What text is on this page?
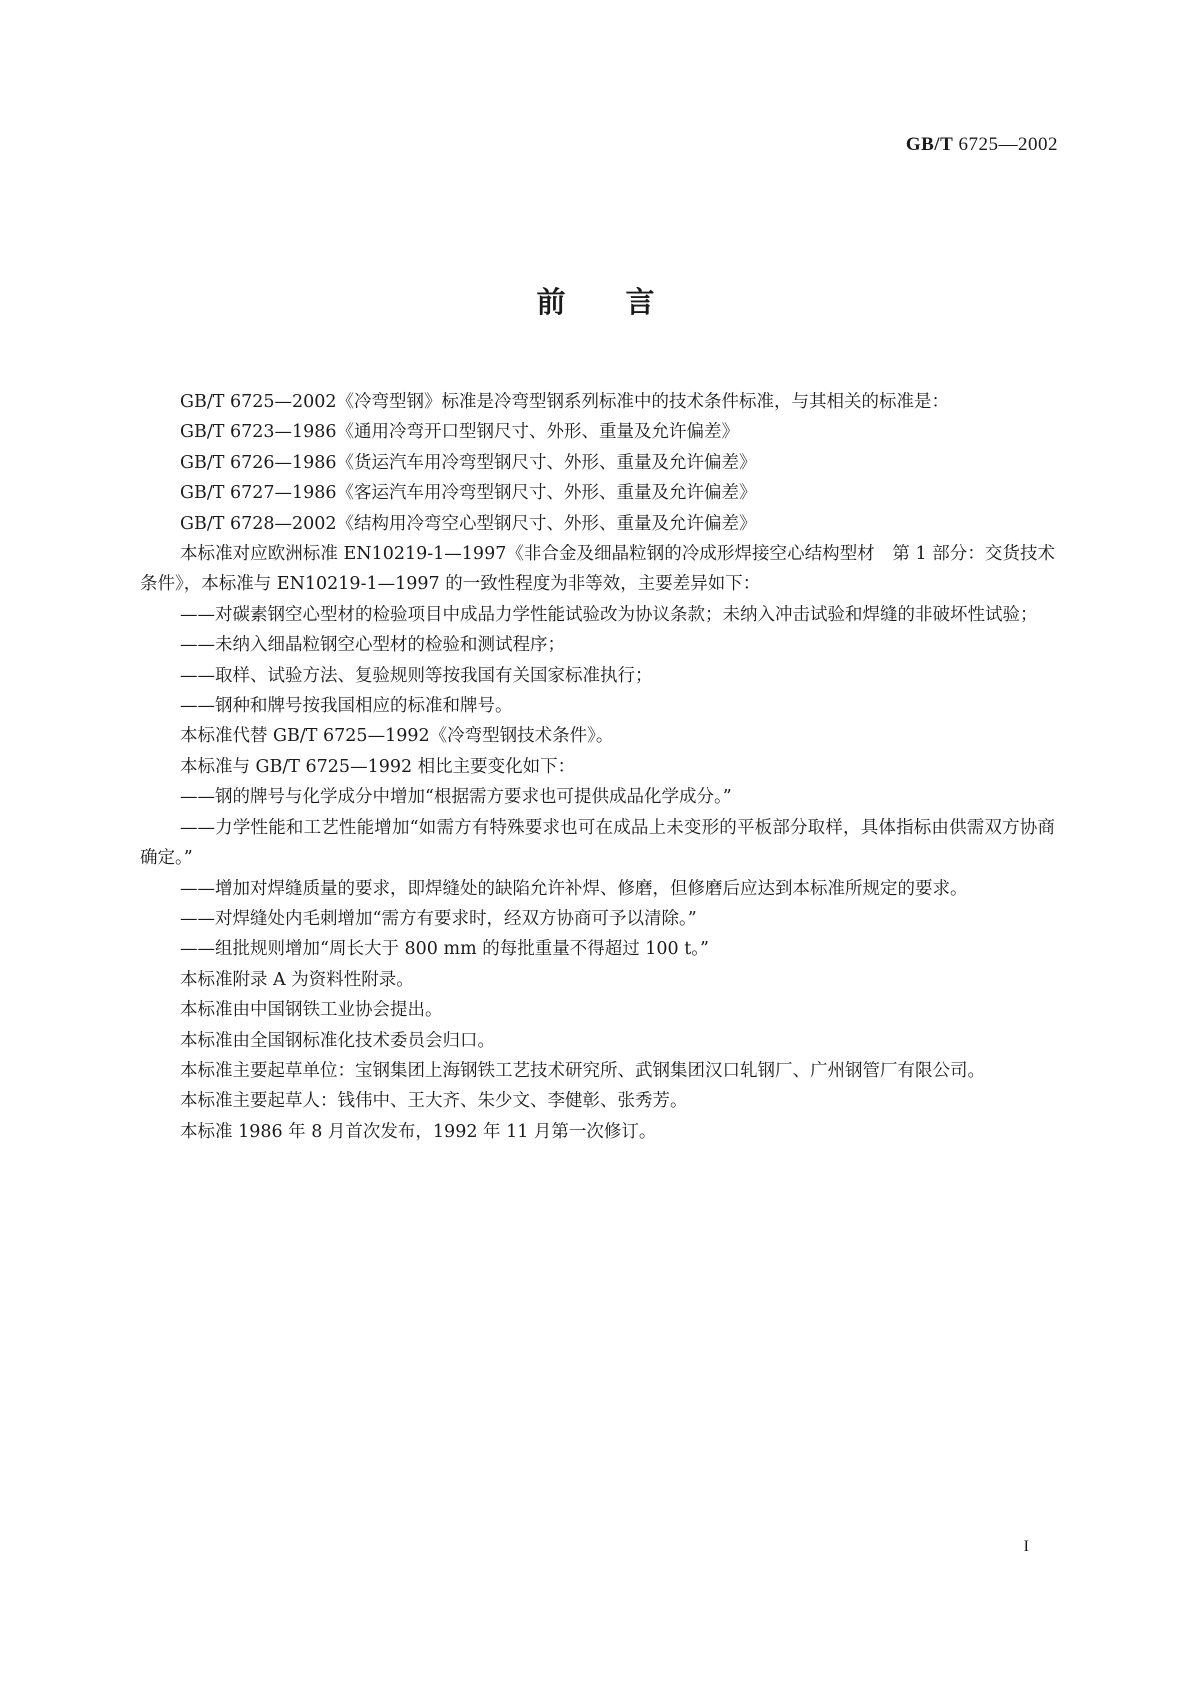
GB/T 6725—2002
前言

GB/T 6725—2002《冷弯型钢》标准是冷弯型钢系列标准中的技术条件标准，与其相关的标准是：

GB/T 6723—1986《通用冷弯开口型钢尺寸、外形、重量及允许偏差》

GB/T 6726—1986《货运汽车用冷弯型钢尺寸、外形、重量及允许偏差》

GB/T 6727—1986《客运汽车用冷弯型钢尺寸、外形、重量及允许偏差》

GB/T 6728—2002《结构用冷弯空心型钢尺寸、外形、重量及允许偏差》

本标准对应欧洲标准 EN10219-1—1997《非合金及细晶粒钢的冷成形焊接空心结构型材　第 1 部分：交货技术条件》，本标准与 EN10219-1—1997 的一致性程度为非等效，主要差异如下：

——对碳素钢空心型材的检验项目中成品力学性能试验改为协议条款；未纳入冲击试验和焊缝的非破坏性试验；

——未纳入细晶粒钢空心型材的检验和测试程序；

——取样、试验方法、复验规则等按我国有关国家标准执行；

——钢种和牌号按我国相应的标准和牌号。

本标准代替 GB/T 6725—1992《冷弯型钢技术条件》。

本标准与 GB/T 6725—1992 相比主要变化如下：

——钢的牌号与化学成分中增加“根据需方要求也可提供成品化学成分。”

——力学性能和工艺性能增加“如需方有特殊要求也可在成品上未变形的平板部分取样，具体指标由供需双方协商确定。”

——增加对焊缝质量的要求，即焊缝处的缺陷允许补焊、修磨，但修磨后应达到本标准所规定的要求。

——对焊缝处内毛刺增加“需方有要求时，经双方协商可予以清除。”

——组批规则增加“周长大于 800 mm 的每批重量不得超过 100 t。”

本标准附录 A 为资料性附录。

本标准由中国钢铁工业协会提出。

本标准由全国钢标准化技术委员会归口。

本标准主要起草单位：宝钢集团上海钢铁工艺技术研究所、武钢集团汉口轧钢厂、广州钢管厂有限公司。

本标准主要起草人：钱伟中、王大齐、朱少文、李健彰、张秀芳。

本标准 1986 年 8 月首次发布，1992 年 11 月第一次修订。

I
